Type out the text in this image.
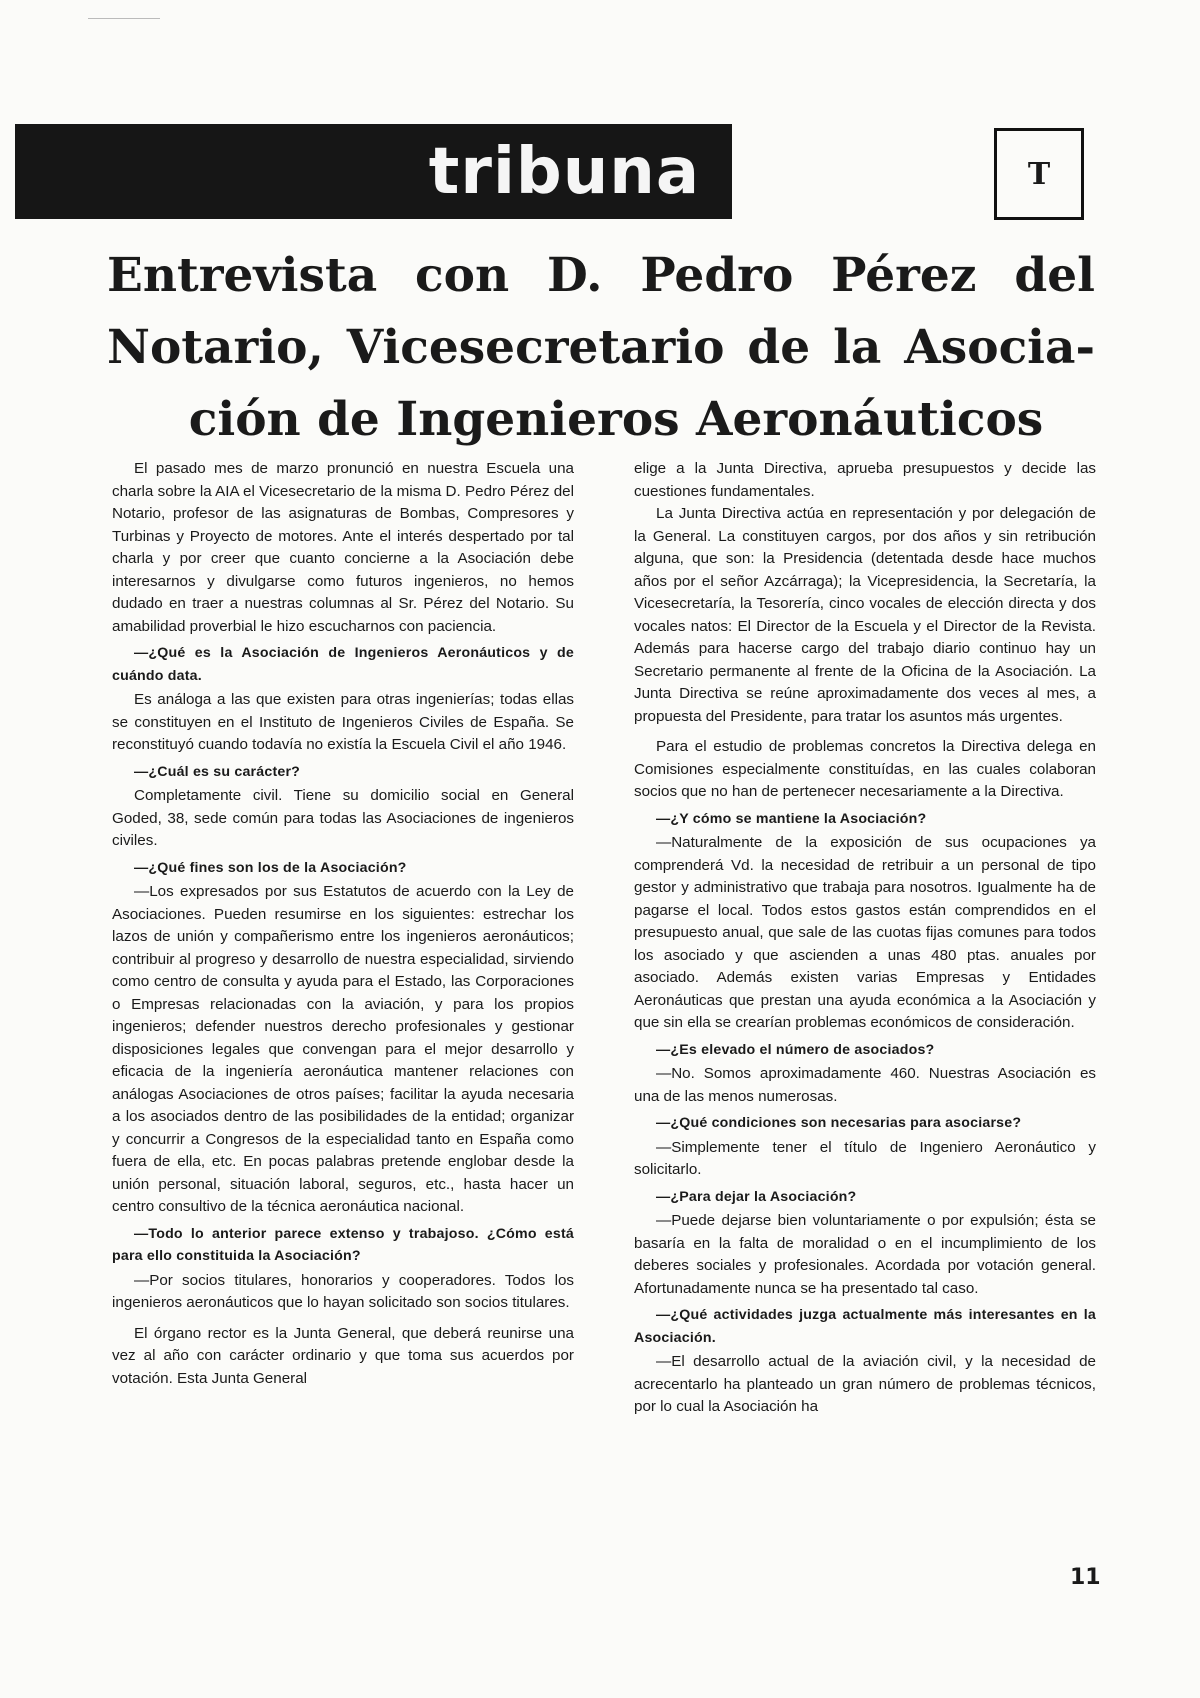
tribuna	T
Entrevista con D. Pedro Pérez del
Notario, Vicesecretario de la Asocia-
ción de Ingenieros Aeronáuticos

El pasado mes de marzo pronunció en nuestra Escuela una charla sobre la AIA el Vicesecretario de la misma D. Pedro Pérez del Notario, profesor de las asignaturas de Bombas, Compresores y Turbinas y Proyecto de motores. Ante el interés despertado por tal charla y por creer que cuanto concierne a la Asociación debe interesarnos y divulgarse como futuros ingenieros, no hemos dudado en traer a nuestras columnas al Sr. Pérez del Notario. Su amabilidad proverbial le hizo escucharnos con paciencia.

—¿Qué es la Asociación de Ingenieros Aeronáuticos y de cuándo data.

Es análoga a las que existen para otras ingenierías; todas ellas se constituyen en el Instituto de Ingenieros Civiles de España. Se reconstituyó cuando todavía no existía la Escuela Civil el año 1946.

—¿Cuál es su carácter?

Completamente civil. Tiene su domicilio social en General Goded, 38, sede común para todas las Asociaciones de ingenieros civiles.

—¿Qué fines son los de la Asociación?

—Los expresados por sus Estatutos de acuerdo con la Ley de Asociaciones. Pueden resumirse en los siguientes: estrechar los lazos de unión y compañerismo entre los ingenieros aeronáuticos; contribuir al progreso y desarrollo de nuestra especialidad, sirviendo como centro de consulta y ayuda para el Estado, las Corporaciones o Empresas relacionadas con la aviación, y para los propios ingenieros; defender nuestros derecho profesionales y gestionar disposiciones legales que convengan para el mejor desarrollo y eficacia de la ingeniería aeronáutica mantener relaciones con análogas Asociaciones de otros países; facilitar la ayuda necesaria a los asociados dentro de las posibilidades de la entidad; organizar y concurrir a Congresos de la especialidad tanto en España como fuera de ella, etc. En pocas palabras pretende englobar desde la unión personal, situación laboral, seguros, etc., hasta hacer un centro consultivo de la técnica aeronáutica nacional.

—Todo lo anterior parece extenso y trabajoso. ¿Cómo está para ello constituida la Asociación?

—Por socios titulares, honorarios y cooperadores. Todos los ingenieros aeronáuticos que lo hayan solicitado son socios titulares.

El órgano rector es la Junta General, que deberá reunirse una vez al año con carácter ordinario y que toma sus acuerdos por votación. Esta Junta General

elige a la Junta Directiva, aprueba presupuestos y decide las cuestiones fundamentales.

La Junta Directiva actúa en representación y por delegación de la General. La constituyen cargos, por dos años y sin retribución alguna, que son: la Presidencia (detentada desde hace muchos años por el señor Azcárraga); la Vicepresidencia, la Secretaría, la Vicesecretaría, la Tesorería, cinco vocales de elección directa y dos vocales natos: El Director de la Escuela y el Director de la Revista. Además para hacerse cargo del trabajo diario continuo hay un Secretario permanente al frente de la Oficina de la Asociación. La Junta Directiva se reúne aproximadamente dos veces al mes, a propuesta del Presidente, para tratar los asuntos más urgentes.

Para el estudio de problemas concretos la Directiva delega en Comisiones especialmente constituídas, en las cuales colaboran socios que no han de pertenecer necesariamente a la Directiva.

—¿Y cómo se mantiene la Asociación?

—Naturalmente de la exposición de sus ocupaciones ya comprenderá Vd. la necesidad de retribuir a un personal de tipo gestor y administrativo que trabaja para nosotros. Igualmente ha de pagarse el local. Todos estos gastos están comprendidos en el presupuesto anual, que sale de las cuotas fijas comunes para todos los asociado y que ascienden a unas 480 ptas. anuales por asociado. Además existen varias Empresas y Entidades Aeronáuticas que prestan una ayuda económica a la Asociación y que sin ella se crearían problemas económicos de consideración.

—¿Es elevado el número de asociados?

—No. Somos aproximadamente 460. Nuestras Asociación es una de las menos numerosas.

—¿Qué condiciones son necesarias para asociarse?

—Simplemente tener el título de Ingeniero Aeronáutico y solicitarlo.

—¿Para dejar la Asociación?

—Puede dejarse bien voluntariamente o por expulsión; ésta se basaría en la falta de moralidad o en el incumplimiento de los deberes sociales y profesionales. Acordada por votación general. Afortunadamente nunca se ha presentado tal caso.

—¿Qué actividades juzga actualmente más interesantes en la Asociación.

—El desarrollo actual de la aviación civil, y la necesidad de acrecentarlo ha planteado un gran número de problemas técnicos, por lo cual la Asociación ha

11
